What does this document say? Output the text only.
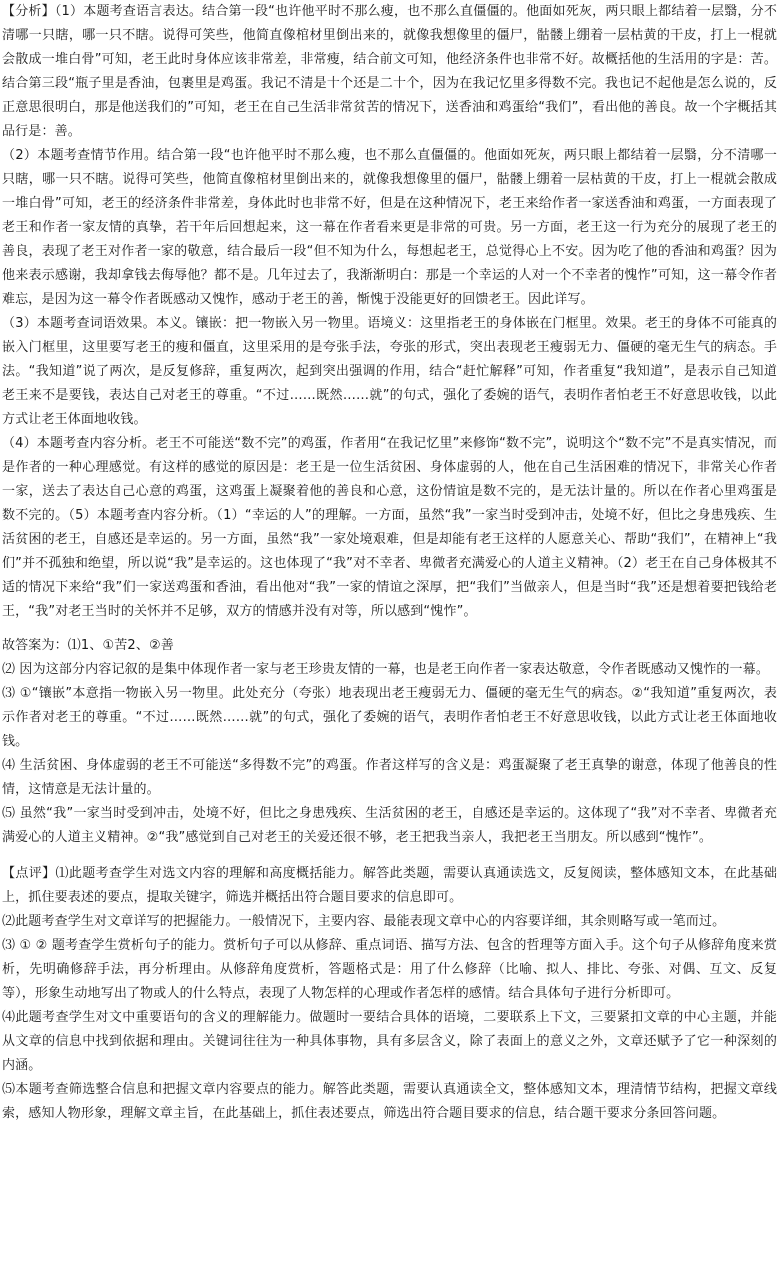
【分析】（1）本题考查语言表达。结合第一段“也许他平时不那么瘦，也不那么直僵僵的。他面如死灰，两只眼上都结着一层翳，分不清哪一只瞎，哪一只不瞎。说得可笑些，他简直像棺材里倒出来的，就像我想像里的僵尸，骷髅上绷着一层枯黄的干皮，打上一棍就会散成一堆白骨”可知，老王此时身体应该非常差，非常瘦，结合前文可知，他经济条件也非常不好。故概括他的生活用的字是：苦。结合第三段“瓶子里是香油，包裹里是鸡蛋。我记不清是十个还是二十个，因为在我记忆里多得数不完。我也记不起他是怎么说的，反正意思很明白，那是他送我们的”可知，老王在自己生活非常贫苦的情况下，送香油和鸡蛋给“我们”，看出他的善良。故一个字概括其品行是：善。

（2）本题考查情节作用。结合第一段“也许他平时不那么瘦，也不那么直僵僵的。他面如死灰，两只眼上都结着一层翳，分不清哪一只瞎，哪一只不瞎。说得可笑些，他简直像棺材里倒出来的，就像我想像里的僵尸，骷髅上绷着一层枯黄的干皮，打上一棍就会散成一堆白骨”可知，老王的经济条件非常差，身体此时也非常不好，但是在这种情况下，老王来给作者一家送香油和鸡蛋，一方面表现了老王和作者一家友情的真挚，若干年后回想起来，这一幕在作者看来更是非常的可贵。另一方面，老王这一行为充分的展现了老王的善良，表现了老王对作者一家的敬意，结合最后一段“但不知为什么，每想起老王，总觉得心上不安。因为吃了他的香油和鸡蛋？因为他来表示感谢，我却拿钱去侮辱他？都不是。几年过去了，我渐渐明白：那是一个幸运的人对一个不幸者的愧怍”可知，这一幕令作者难忘，是因为这一幕令作者既感动又愧怍，感动于老王的善，惭愧于没能更好的回馈老王。因此详写。

（3）本题考查词语效果。本义。镶嵌：把一物嵌入另一物里。语境义：这里指老王的身体嵌在门框里。效果。老王的身体不可能真的嵌入门框里，这里要写老王的瘦和僵直，这里采用的是夸张手法，夸张的形式，突出表现老王瘦弱无力、僵硬的毫无生气的病态。手法。“我知道”说了两次，是反复修辞，重复两次，起到突出强调的作用，结合“赶忙解释”可知，作者重复“我知道”，是表示自己知道老王来不是要钱，表达自己对老王的尊重。“不过……既然……就”的句式，强化了委婉的语气，表明作者怕老王不好意思收钱，以此方式让老王体面地收钱。

（4）本题考查内容分析。老王不可能送“数不完”的鸡蛋，作者用“在我记忆里”来修饰“数不完”，说明这个“数不完”不是真实情况，而是作者的一种心理感觉。有这样的感觉的原因是：老王是一位生活贫困、身体虚弱的人，他在自己生活困难的情况下，非常关心作者一家，送去了表达自己心意的鸡蛋，这鸡蛋上凝聚着他的善良和心意，这份情谊是数不完的，是无法计量的。所以在作者心里鸡蛋是数不完的。（5）本题考查内容分析。（1）“幸运的人”的理解。一方面，虽然“我”一家当时受到冲击，处境不好，但比之身患残疾、生活贫困的老王，自感还是幸运的。另一方面，虽然“我”一家处境艰难，但是却能有老王这样的人愿意关心、帮助“我们”，在精神上“我们”并不孤独和绝望，所以说“我”是幸运的。这也体现了“我”对不幸者、卑微者充满爱心的人道主义精神。（2）老王在自己身体极其不适的情况下来给“我”们一家送鸡蛋和香油，看出他对“我”一家的情谊之深厚，把“我们”当做亲人，但是当时“我”还是想着要把钱给老王，“我”对老王当时的关怀并不足够，双方的情感并没有对等，所以感到“愧怍”。

故答案为：⑴1、①苦2、②善

⑵ 因为这部分内容记叙的是集中体现作者一家与老王珍贵友情的一幕，也是老王向作者一家表达敬意，令作者既感动又愧怍的一幕。

⑶ ①“镶嵌”本意指一物嵌入另一物里。此处充分（夸张）地表现出老王瘦弱无力、僵硬的毫无生气的病态。②“我知道”重复两次，表示作者对老王的尊重。“不过……既然……就”的句式，强化了委婉的语气，表明作者怕老王不好意思收钱，以此方式让老王体面地收钱。

⑷ 生活贫困、身体虚弱的老王不可能送“多得数不完”的鸡蛋。作者这样写的含义是：鸡蛋凝聚了老王真挚的谢意，体现了他善良的性情，这情意是无法计量的。

⑸ 虽然“我”一家当时受到冲击，处境不好，但比之身患残疾、生活贫困的老王，自感还是幸运的。这体现了“我”对不幸者、卑微者充满爱心的人道主义精神。②“我”感觉到自己对老王的关爱还很不够，老王把我当亲人，我把老王当朋友。所以感到“愧怍”。

【点评】⑴此题考查学生对选文内容的理解和高度概括能力。解答此类题，需要认真通读选文，反复阅读，整体感知文本，在此基础上，抓住要表述的要点，提取关键字，筛选并概括出符合题目要求的信息即可。

⑵此题考查学生对文章详写的把握能力。一般情况下，主要内容、最能表现文章中心的内容要详细，其余则略写或一笔而过。

⑶ ① ② 题考查学生赏析句子的能力。赏析句子可以从修辞、重点词语、描写方法、包含的哲理等方面入手。这个句子从修辞角度来赏析，先明确修辞手法，再分析理由。从修辞角度赏析，答题格式是：用了什么修辞（比喻、拟人、排比、夸张、对偶、互文、反复等），形象生动地写出了物或人的什么特点，表现了人物怎样的心理或作者怎样的感情。结合具体句子进行分析即可。

⑷此题考查学生对文中重要语句的含义的理解能力。做题时一要结合具体的语境，二要联系上下文，三要紧扣文章的中心主题，并能从文章的信息中找到依据和理由。关键词往往为一种具体事物，具有多层含义，除了表面上的意义之外，文章还赋予了它一种深刻的内涵。

⑸本题考查筛选整合信息和把握文章内容要点的能力。解答此类题，需要认真通读全文，整体感知文本，理清情节结构，把握文章线索，感知人物形象，理解文章主旨，在此基础上，抓住表述要点，筛选出符合题目要求的信息，结合题干要求分条回答问题。
